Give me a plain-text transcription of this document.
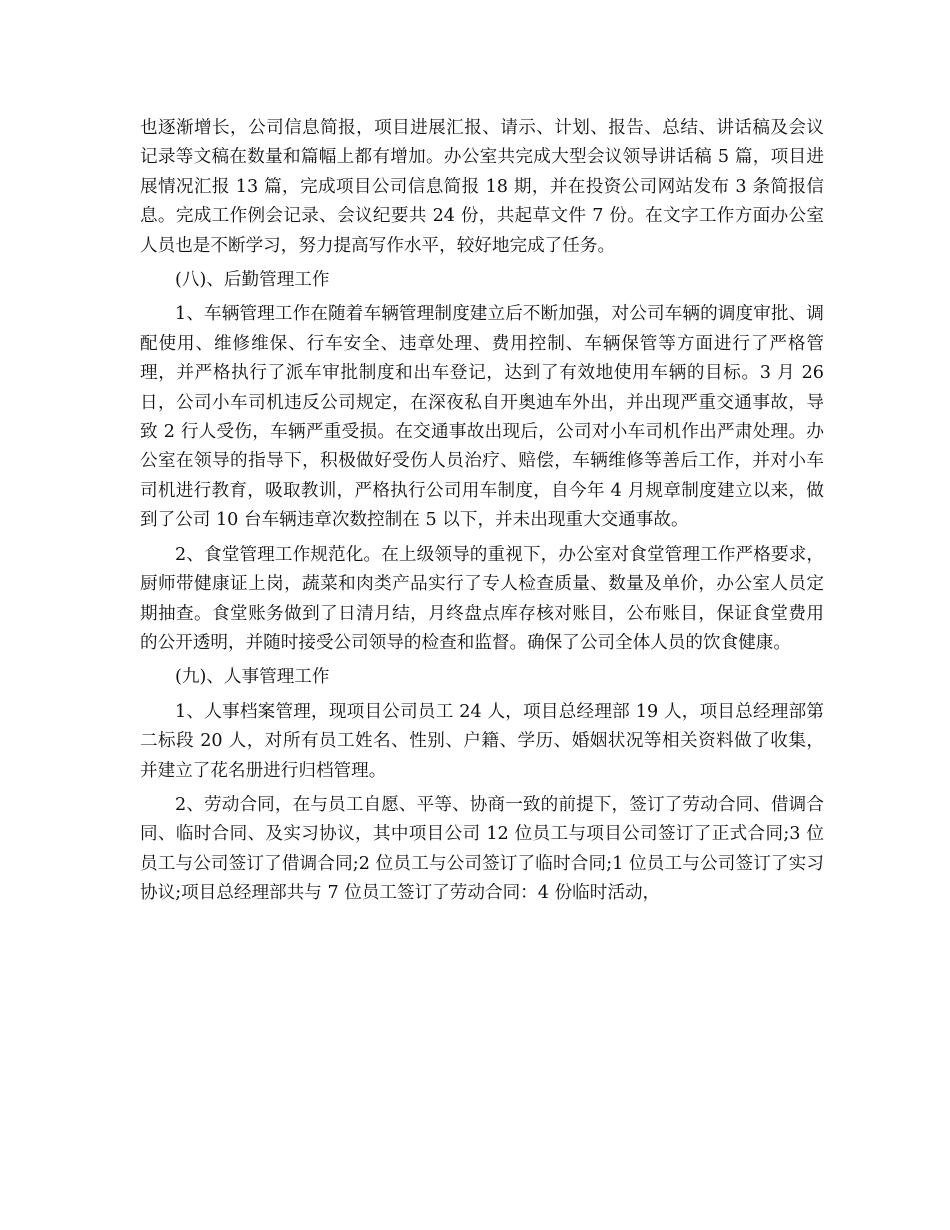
也逐渐增长，公司信息简报，项目进展汇报、请示、计划、报告、总结、讲话稿及会议记录等文稿在数量和篇幅上都有增加。办公室共完成大型会议领导讲话稿 5 篇，项目进展情况汇报 13 篇，完成项目公司信息简报 18 期，并在投资公司网站发布 3 条简报信息。完成工作例会记录、会议纪要共 24 份，共起草文件 7 份。在文字工作方面办公室人员也是不断学习，努力提高写作水平，较好地完成了任务。

(八)、后勤管理工作

1、车辆管理工作在随着车辆管理制度建立后不断加强，对公司车辆的调度审批、调配使用、维修维保、行车安全、违章处理、费用控制、车辆保管等方面进行了严格管理，并严格执行了派车审批制度和出车登记，达到了有效地使用车辆的目标。3 月 26 日，公司小车司机违反公司规定，在深夜私自开奥迪车外出，并出现严重交通事故，导致 2 行人受伤，车辆严重受损。在交通事故出现后，公司对小车司机作出严肃处理。办公室在领导的指导下，积极做好受伤人员治疗、赔偿，车辆维修等善后工作，并对小车司机进行教育，吸取教训，严格执行公司用车制度，自今年 4 月规章制度建立以来，做到了公司 10 台车辆违章次数控制在 5 以下，并未出现重大交通事故。

2、食堂管理工作规范化。在上级领导的重视下，办公室对食堂管理工作严格要求，厨师带健康证上岗，蔬菜和肉类产品实行了专人检查质量、数量及单价，办公室人员定期抽查。食堂账务做到了日清月结，月终盘点库存核对账目，公布账目，保证食堂费用的公开透明，并随时接受公司领导的检查和监督。确保了公司全体人员的饮食健康。

(九)、人事管理工作

1、人事档案管理，现项目公司员工 24 人，项目总经理部 19 人，项目总经理部第二标段 20 人，对所有员工姓名、性别、户籍、学历、婚姻状况等相关资料做了收集，并建立了花名册进行归档管理。

2、劳动合同，在与员工自愿、平等、协商一致的前提下，签订了劳动合同、借调合同、临时合同、及实习协议，其中项目公司 12 位员工与项目公司签订了正式合同;3 位员工与公司签订了借调合同;2 位员工与公司签订了临时合同;1 位员工与公司签订了实习协议;项目总经理部共与 7 位员工签订了劳动合同：4 份临时活动，
